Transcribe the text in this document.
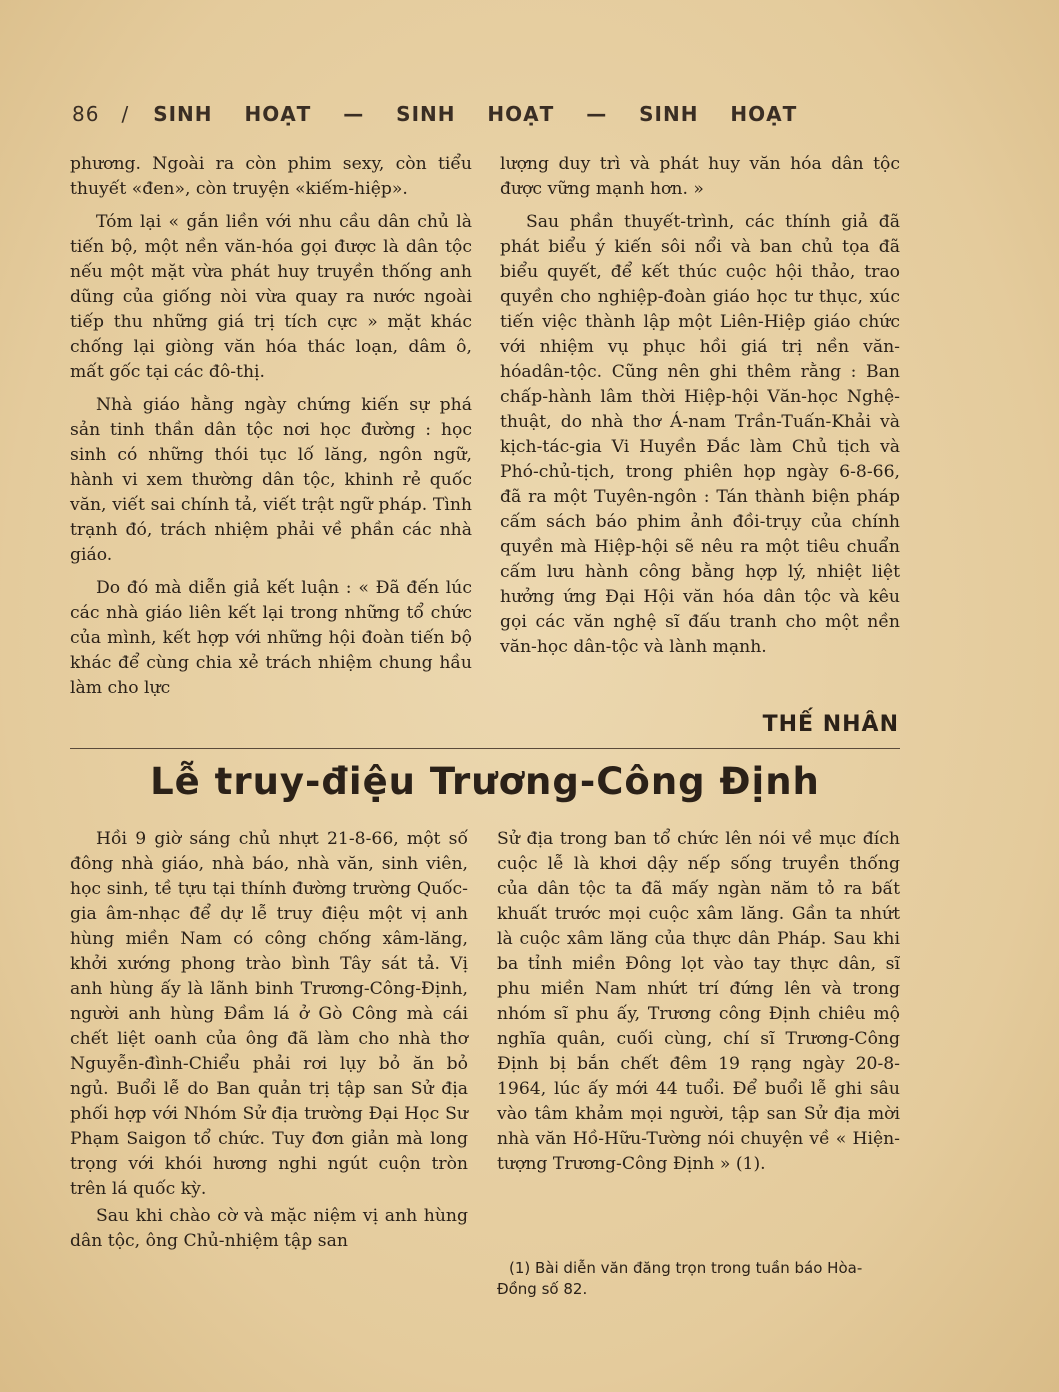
86 / SINH  HOẠT  —  SINH  HOẠT  —  SINH  HOẠT

phương. Ngoài ra còn phim sexy, còn tiểu thuyết «đen», còn truyện «kiếm-hiệp».

Tóm lại « gắn liền với nhu cầu dân chủ là tiến bộ, một nền văn-hóa gọi được là dân tộc nếu một mặt vừa phát huy truyền thống anh dũng của giống nòi vừa quay ra nước ngoài tiếp thu những giá trị tích cực » mặt khác chống lại giòng văn hóa thác loạn, dâm ô, mất gốc tại các đô-thị.

Nhà giáo hằng ngày chứng kiến sự phá sản tinh thần dân tộc nơi học đường : học sinh có những thói tục lố lăng, ngôn ngữ, hành vi xem thường dân tộc, khinh rẻ quốc văn, viết sai chính tả, viết trật ngữ pháp. Tình trạnh đó, trách nhiệm phải về phần các nhà giáo.

Do đó mà diễn giả kết luận : « Đã đến lúc các nhà giáo liên kết lại trong những tổ chức của mình, kết hợp với những hội đoàn tiến bộ khác để cùng chia xẻ trách nhiệm chung hầu làm cho lực

lượng duy trì và phát huy văn hóa dân tộc được vững mạnh hơn. »

Sau phần thuyết-trình, các thính giả đã phát biểu ý kiến sôi nổi và ban chủ tọa đã biểu quyết, để kết thúc cuộc hội thảo, trao quyền cho nghiệp-đoàn giáo học tư thục, xúc tiến việc thành lập một Liên-Hiệp giáo chức với nhiệm vụ phục hồi giá trị nền văn-hóadân-tộc. Cũng nên ghi thêm rằng : Ban chấp-hành lâm thời Hiệp-hội Văn-học Nghệ-thuật, do nhà thơ Á-nam Trần-Tuấn-Khải và kịch-tác-gia Vi Huyền Đắc làm Chủ tịch và Phó-chủ-tịch, trong phiên họp ngày 6-8-66, đã ra một Tuyên-ngôn : Tán thành biện pháp cấm sách báo phim ảnh đồi-trụy của chính quyền mà Hiệp-hội sẽ nêu ra một tiêu chuẩn cấm lưu hành công bằng hợp lý, nhiệt liệt hưởng ứng Đại Hội văn hóa dân tộc và kêu gọi các văn nghệ sĩ đấu tranh cho một nền văn-học dân-tộc và lành mạnh.

THẾ NHÂN
Lễ truy-điệu Trương-Công Định

Hồi 9 giờ sáng chủ nhựt 21-8-66, một số đông nhà giáo, nhà báo, nhà văn, sinh viên, học sinh, tề tựu tại thính đường trường Quốc-gia âm-nhạc để dự lễ truy điệu một vị anh hùng miền Nam có công chống xâm-lăng, khởi xướng phong trào bình Tây sát tả. Vị anh hùng ấy là lãnh binh Trương-Công-Định, người anh hùng Đầm lá ở Gò Công mà cái chết liệt oanh của ông đã làm cho nhà thơ Nguyễn-đình-Chiểu phải rơi lụy bỏ ăn bỏ ngủ. Buổi lễ do Ban quản trị tập san Sử địa phối hợp với Nhóm Sử địa trường Đại Học Sư Phạm Saigon tổ chức. Tuy đơn giản mà long trọng với khói hương nghi ngút cuộn tròn trên lá quốc kỳ.

Sau khi chào cờ và mặc niệm vị anh hùng dân tộc, ông Chủ-nhiệm tập san

Sử địa trong ban tổ chức lên nói về mục đích cuộc lễ là khơi dậy nếp sống truyền thống của dân tộc ta đã mấy ngàn năm tỏ ra bất khuất trước mọi cuộc xâm lăng. Gần ta nhứt là cuộc xâm lăng của thực dân Pháp. Sau khi ba tỉnh miền Đông lọt vào tay thực dân, sĩ phu miền Nam nhứt trí đứng lên và trong nhóm sĩ phu ấy, Trương công Định chiêu mộ nghĩa quân, cuối cùng, chí sĩ Trương-Công Định bị bắn chết đêm 19 rạng ngày 20-8-1964, lúc ấy mới 44 tuổi. Để buổi lễ ghi sâu vào tâm khảm mọi người, tập san Sử địa mời nhà văn Hồ-Hữu-Tường nói chuyện về « Hiện-tượng Trương-Công Định » (1).

(1) Bài diễn văn đăng trọn trong tuần báo Hòa-Đồng số 82.
